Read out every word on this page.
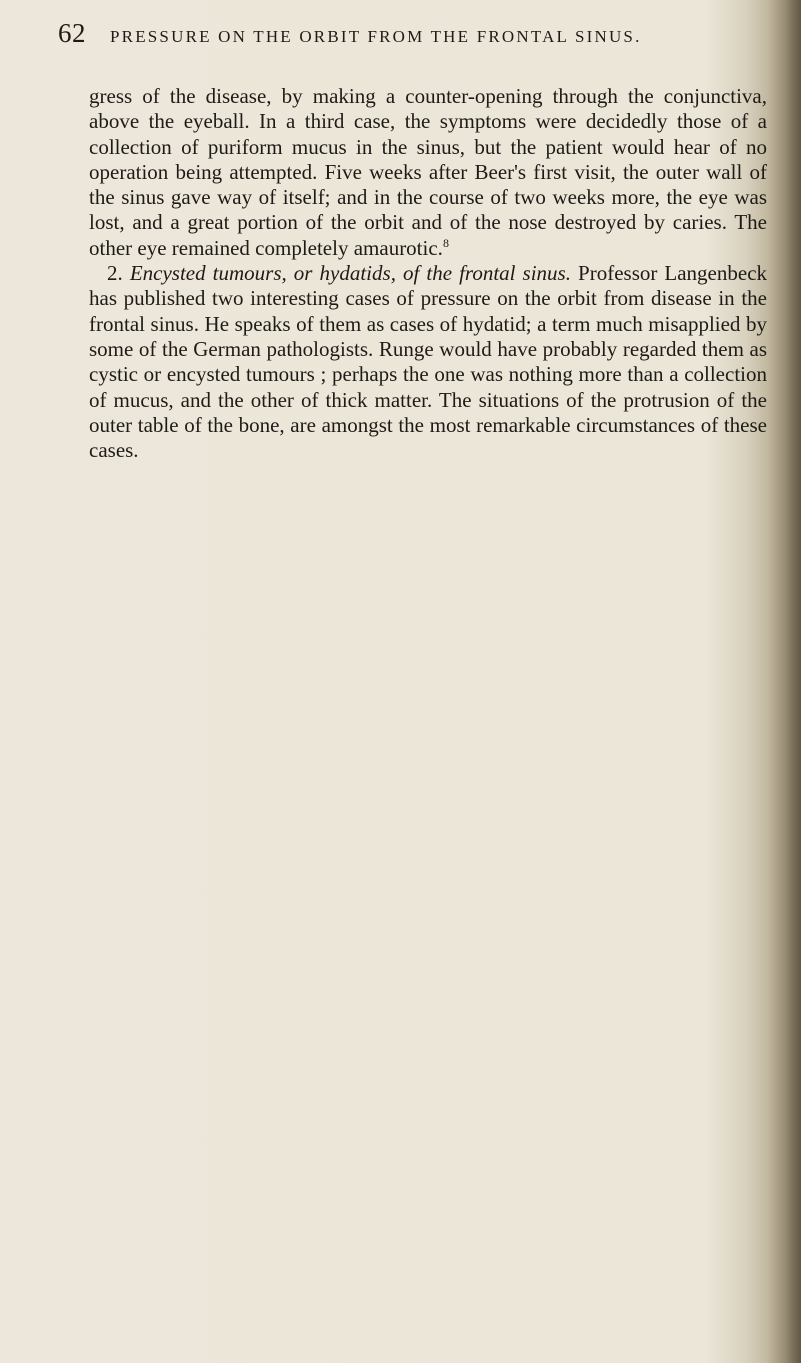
62 PRESSURE ON THE ORBIT FROM THE FRONTAL SINUS.

gress of the disease, by making a counter-opening through the conjunctiva, above the eyeball. In a third case, the symptoms were decidedly those of a collection of puriform mucus in the sinus, but the patient would hear of no operation being attempted. Five weeks after Beer's first visit, the outer wall of the sinus gave way of itself; and in the course of two weeks more, the eye was lost, and a great portion of the orbit and of the nose destroyed by caries. The other eye remained completely amaurotic.$^8$

2. Encysted tumours, or hydatids, of the frontal sinus. Professor Langenbeck has published two interesting cases of pressure on the orbit from disease in the frontal sinus. He speaks of them as cases of hydatid; a term much misapplied by some of the German pathologists. Runge would have probably regarded them as cystic or encysted tumours ; perhaps the one was nothing more than a collection of mucus, and the other of thick matter. The situations of the protrusion of the outer table of the bone, are amongst the most remarkable circumstances of these cases.
